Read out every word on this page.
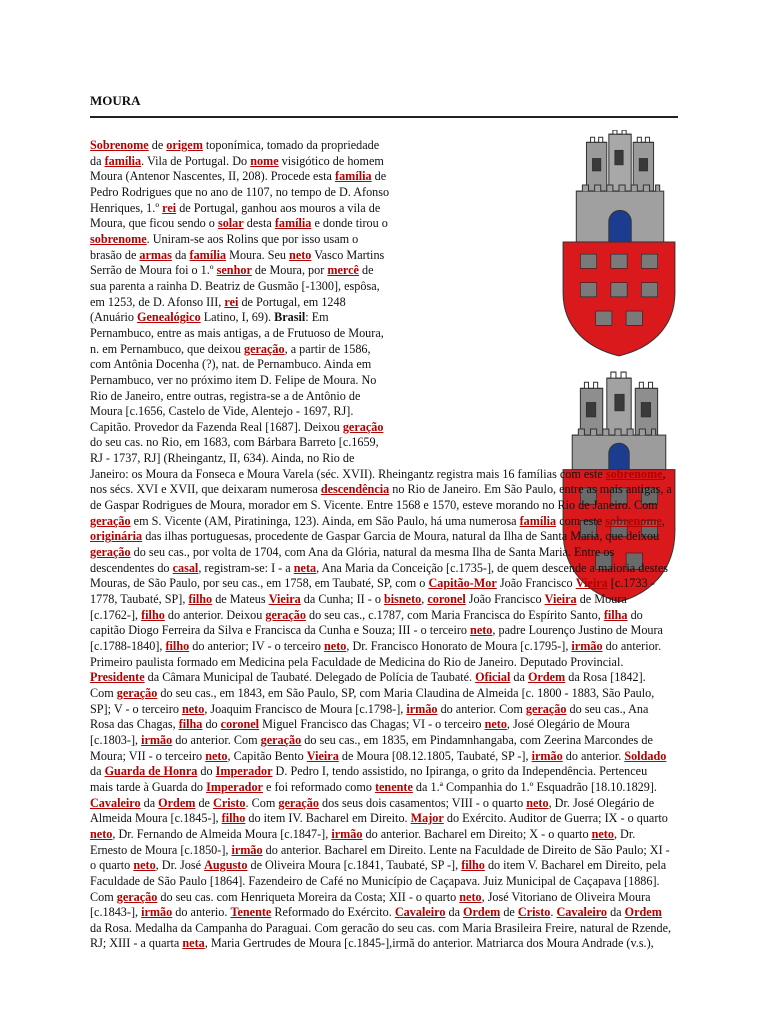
MOURA
Sobrenome de origem toponímica, tomado da propriedade da família. Vila de Portugal. Do nome visigótico de homem Moura (Antenor Nascentes, II, 208). Procede esta família de Pedro Rodrigues que no ano de 1107, no tempo de D. Afonso Henriques, 1.º rei de Portugal, ganhou aos mouros a vila de Moura, que ficou sendo o solar desta família e donde tirou o sobrenome. Uniram-se aos Rolins que por isso usam o brasão de armas da família Moura. Seu neto Vasco Martins Serrão de Moura foi o 1.º senhor de Moura, por mercê de sua parenta a rainha D. Beatriz de Gusmão [-1300], espôsa, em 1253, de D. Afonso III, rei de Portugal, em 1248 (Anuário Genealógico Latino, I, 69). Brasil: Em Pernambuco, entre as mais antigas, a de Frutuoso de Moura, n. em Pernambuco, que deixou geração, a partir de 1586, com Antônia Docenha (?), nat. de Pernambuco. Ainda em Pernambuco, ver no próximo item D. Felipe de Moura. No Rio de Janeiro, entre outras, registra-se a de Antônio de Moura [c.1656, Castelo de Vide, Alentejo - 1697, RJ]. Capitão. Provedor da Fazenda Real [1687]. Deixou geração do seu cas. no Rio, em 1683, com Bárbara Barreto [c.1659, RJ - 1737, RJ] (Rheingantz, II, 634). Ainda, no Rio de Janeiro: os Moura da Fonseca e Moura Varela (séc. XVII). Rheingantz registra mais 16 famílias com este sobrenome, nos sécs. XVI e XVII, que deixaram numerosa descendência no Rio de Janeiro. Em São Paulo, entre as mais antigas, a de Gaspar Rodrigues de Moura, morador em S. Vicente. Entre 1568 e 1570, esteve morando no Rio de Janeiro. Com geração em S. Vicente (AM, Piratininga, 123). Ainda, em São Paulo, há uma numerosa família com este sobrenome, originária das ilhas portuguesas, procedente de Gaspar Garcia de Moura, natural da Ilha de Santa Maria, que deixou geração do seu cas., por volta de 1704, com Ana da Glória, natural da mesma Ilha de Santa Maria. Entre os descendentes do casal, registram-se: I - a neta, Ana Maria da Conceição [c.1735-], de quem descende a maioria destes Mouras, de São Paulo, por seu cas., em 1758, em Taubaté, SP, com o Capitão-Mor João Francisco Vieira [c.1733 - 1778, Taubaté, SP], filho de Mateus Vieira da Cunha; II - o bisneto, coronel João Francisco Vieira de Moura [c.1762-], filho do anterior. Deixou geração do seu cas., c.1787, com Maria Francisca do Espírito Santo, filha do capitão Diogo Ferreira da Silva e Francisca da Cunha e Souza; III - o terceiro neto, padre Lourenço Justino de Moura [c.1788-1840], filho do anterior; IV - o terceiro neto, Dr. Francisco Honorato de Moura [c.1795-], irmão do anterior. Primeiro paulista formado em Medicina pela Faculdade de Medicina do Rio de Janeiro. Deputado Provincial. Presidente da Câmara Municipal de Taubaté. Delegado de Polícia de Taubaté. Oficial da Ordem da Rosa [1842]. Com geração do seu cas., em 1843, em São Paulo, SP, com Maria Claudina de Almeida [c. 1800 - 1883, São Paulo, SP]; V - o terceiro neto, Joaquim Francisco de Moura [c.1798-], irmão do anterior. Com geração do seu cas., Ana Rosa das Chagas, filha do coronel Miguel Francisco das Chagas; VI - o terceiro neto, José Olegário de Moura [c.1803-], irmão do anterior. Com geração do seu cas., em 1835, em Pindamnhangaba, com Zeerina Marcondes de Moura; VII - o terceiro neto, Capitão Bento Vieira de Moura [08.12.1805, Taubaté, SP -], irmão do anterior. Soldado da Guarda de Honra do Imperador D. Pedro I, tendo assistido, no Ipiranga, o grito da Independência. Pertenceu mais tarde à Guarda do Imperador e foi reformado como tenente da 1.ª Companhia do 1.º Esquadrão [18.10.1829]. Cavaleiro da Ordem de Cristo. Com geração dos seus dois casamentos; VIII - o quarto neto, Dr. José Olegário de Almeida Moura [c.1845-], filho do item IV. Bacharel em Direito. Major do Exército. Auditor de Guerra; IX - o quarto neto, Dr. Fernando de Almeida Moura [c.1847-], irmão do anterior. Bacharel em Direito; X - o quarto neto, Dr. Ernesto de Moura [c.1850-], irmão do anterior. Bacharel em Direito. Lente na Faculdade de Direito de São Paulo; XI - o quarto neto, Dr. José Augusto de Oliveira Moura [c.1841, Taubaté, SP -], filho do item V. Bacharel em Direito, pela Faculdade de São Paulo [1864]. Fazendeiro de Café no Município de Caçapava. Juiz Municipal de Caçapava [1886]. Com geração do seu cas. com Henriqueta Moreira da Costa; XII - o quarto neto, José Vitoriano de Oliveira Moura [c.1843-], irmão do anterio. Tenente Reformado do Exército. Cavaleiro da Ordem de Cristo. Cavaleiro da Ordem da Rosa. Medalha da Campanha do Paraguai. Com geracão do seu cas. com Maria Brasileira Freire, natural de Rzende, RJ; XIII - a quarta neta, Maria Gertrudes de Moura [c.1845-],irmã do anterior. Matriarca dos Moura Andrade (v.s.),
